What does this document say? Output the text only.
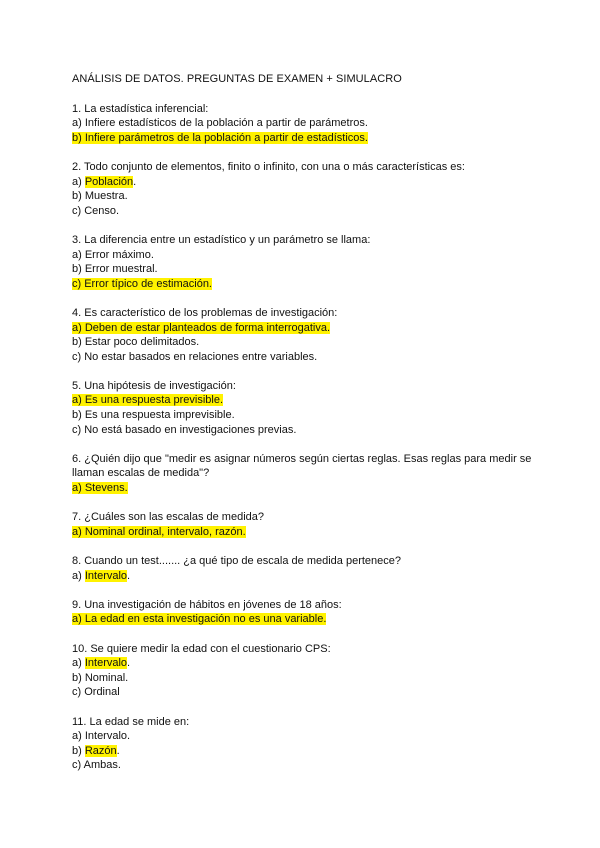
ANÁLISIS DE DATOS. PREGUNTAS DE EXAMEN + SIMULACRO
1. La estadística inferencial:
a) Infiere estadísticos de la población a partir de parámetros.
b) Infiere parámetros de la población a partir de estadísticos.
2. Todo conjunto de elementos, finito o infinito, con una o más características es:
a) Población.
b) Muestra.
c) Censo.
3. La diferencia entre un estadístico y un parámetro se llama:
a) Error máximo.
b) Error muestral.
c) Error típico de estimación.
4. Es característico de los problemas de investigación:
a) Deben de estar planteados de forma interrogativa.
b) Estar poco delimitados.
c) No estar basados en relaciones entre variables.
5. Una hipótesis de investigación:
a) Es una respuesta previsible.
b) Es una respuesta imprevisible.
c) No está basado en investigaciones previas.
6. ¿Quién dijo que "medir es asignar números según ciertas reglas. Esas reglas para medir se llaman escalas de medida"?
a) Stevens.
7. ¿Cuáles son las escalas de medida?
a) Nominal ordinal, intervalo, razón.
8. Cuando un test....... ¿a qué tipo de escala de medida pertenece?
a) Intervalo.
9. Una investigación de hábitos en jóvenes de 18 años:
a) La edad en esta investigación no es una variable.
10. Se quiere medir la edad con el cuestionario CPS:
a) Intervalo.
b) Nominal.
c) Ordinal
11. La edad se mide en:
a) Intervalo.
b) Razón.
c) Ambas.
